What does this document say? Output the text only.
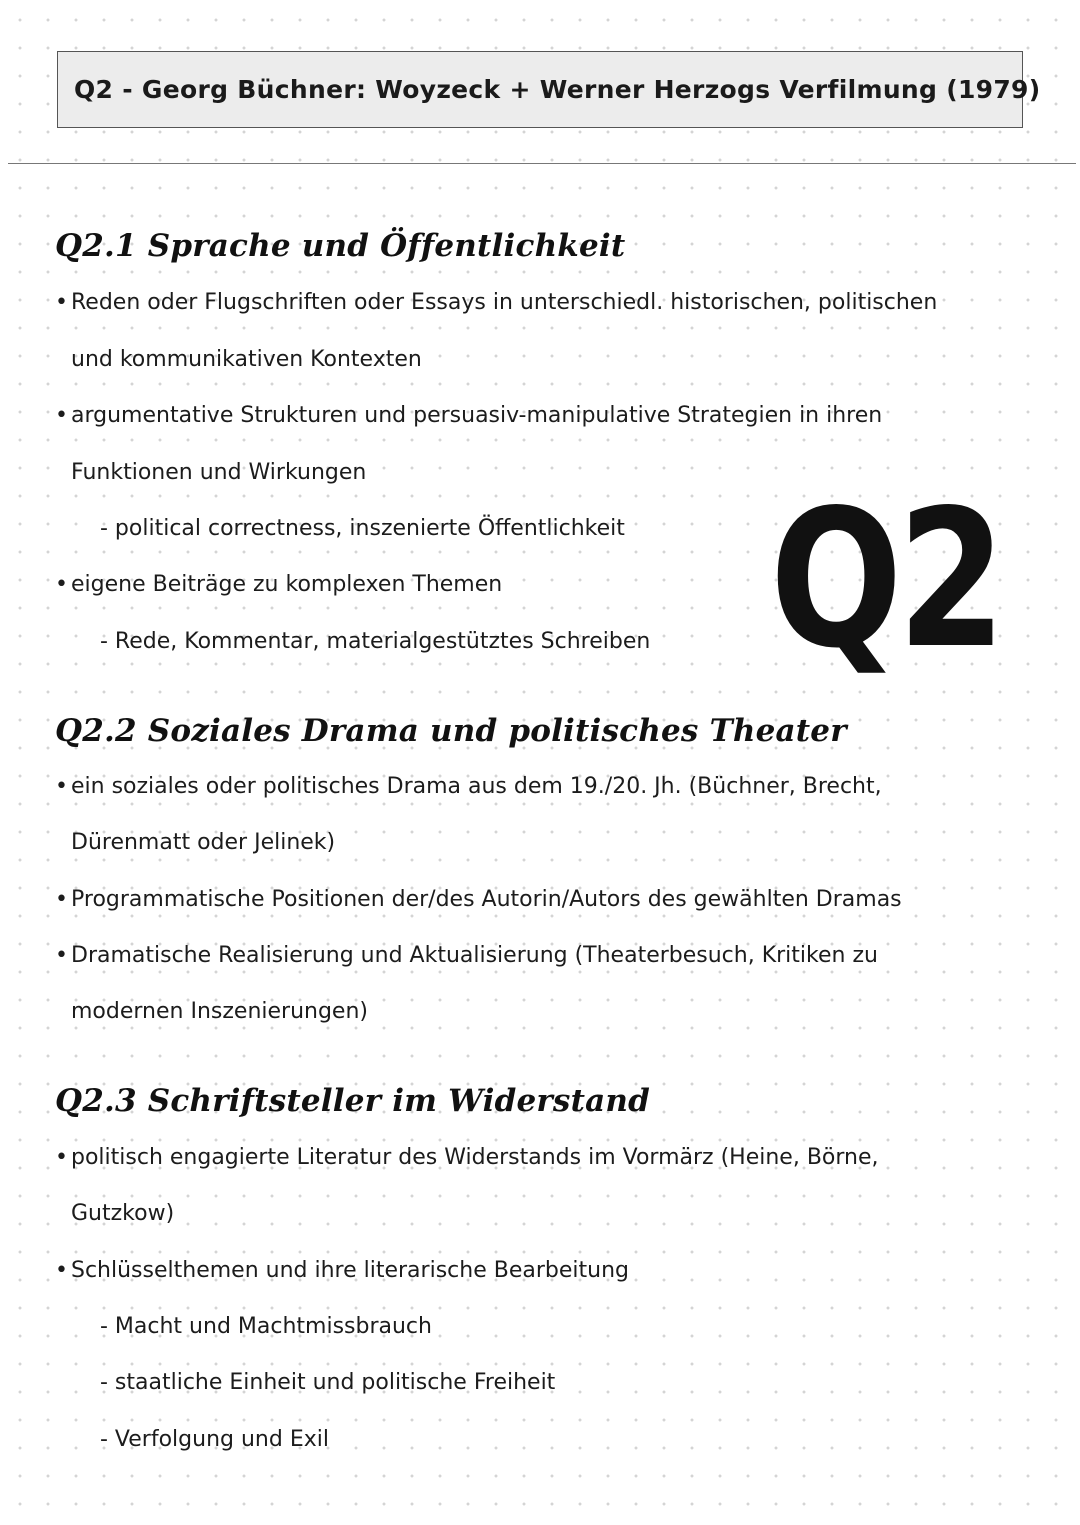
Q2 - Georg Büchner: Woyzeck + Werner Herzogs Verfilmung (1979)
Q2
Q2.1 Sprache und Öffentlichkeit
• Reden oder Flugschriften oder Essays in unterschiedl. historischen, politischen
und kommunikativen Kontexten
• argumentative Strukturen und persuasiv-manipulative Strategien in ihren
Funktionen und Wirkungen
- political correctness, inszenierte Öffentlichkeit
• eigene Beiträge zu komplexen Themen
- Rede, Kommentar, materialgestütztes Schreiben
Q2.2 Soziales Drama und politisches Theater
• ein soziales oder politisches Drama aus dem 19./20. Jh. (Büchner, Brecht,
Dürenmatt oder Jelinek)
• Programmatische Positionen der/des Autorin/Autors des gewählten Dramas
• Dramatische Realisierung und Aktualisierung (Theaterbesuch, Kritiken zu
modernen Inszenierungen)
Q2.3 Schriftsteller im Widerstand
• politisch engagierte Literatur des Widerstands im Vormärz (Heine, Börne,
Gutzkow)
• Schlüsselthemen und ihre literarische Bearbeitung
- Macht und Machtmissbrauch
- staatliche Einheit und politische Freiheit
- Verfolgung und Exil
